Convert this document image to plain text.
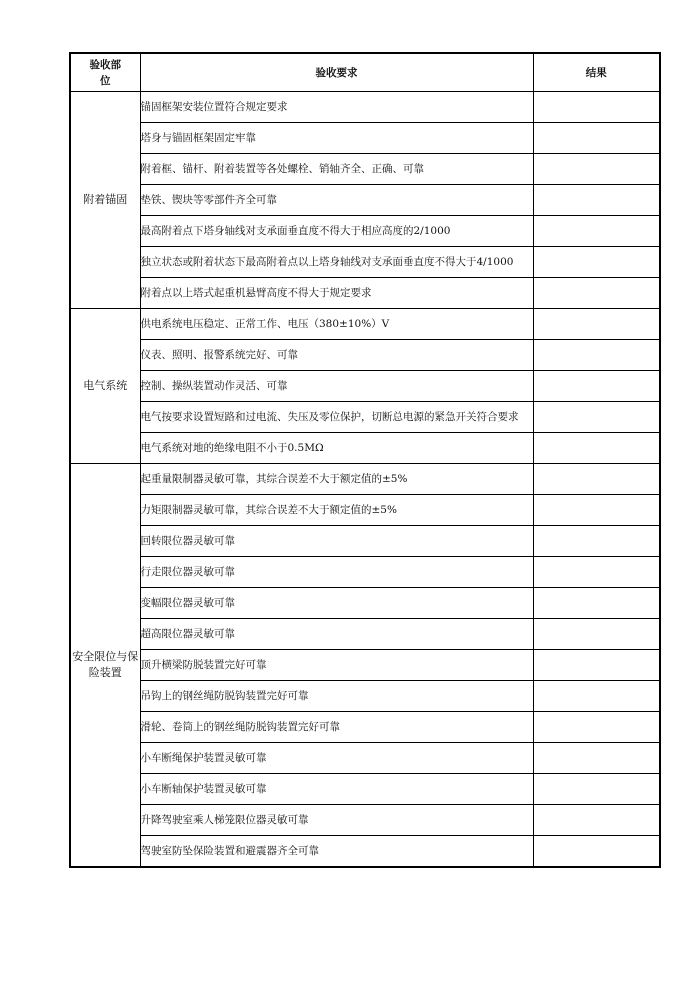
验收部位	验收要求	结果
附着锚固	锚固框架安装位置符合规定要求	
	塔身与锚固框架固定牢靠	
	附着框、锚杆、附着装置等各处螺栓、销轴齐全、正确、可靠	
	垫铁、锲块等零部件齐全可靠	
	最高附着点下塔身轴线对支承面垂直度不得大于相应高度的2/1000	
	独立状态或附着状态下最高附着点以上塔身轴线对支承面垂直度不得大于4/1000	
	附着点以上塔式起重机悬臂高度不得大于规定要求	
电气系统	供电系统电压稳定、正常工作、电压（380±10%）V	
	仪表、照明、报警系统完好、可靠	
	控制、操纵装置动作灵活、可靠	
	电气按要求设置短路和过电流、失压及零位保护，切断总电源的紧急开关符合要求	
	电气系统对地的绝缘电阻不小于0.5MΩ	
安全限位与保险装置	起重量限制器灵敏可靠，其综合误差不大于额定值的±5%	
	力矩限制器灵敏可靠，其综合误差不大于额定值的±5%	
	回转限位器灵敏可靠	
	行走限位器灵敏可靠	
	变幅限位器灵敏可靠	
	超高限位器灵敏可靠	
	顶升横梁防脱装置完好可靠	
	吊钩上的钢丝绳防脱钩装置完好可靠	
	滑轮、卷筒上的钢丝绳防脱钩装置完好可靠	
	小车断绳保护装置灵敏可靠	
	小车断轴保护装置灵敏可靠	
	升降驾驶室乘人梯笼限位器灵敏可靠	
	驾驶室防坠保险装置和避震器齐全可靠	
